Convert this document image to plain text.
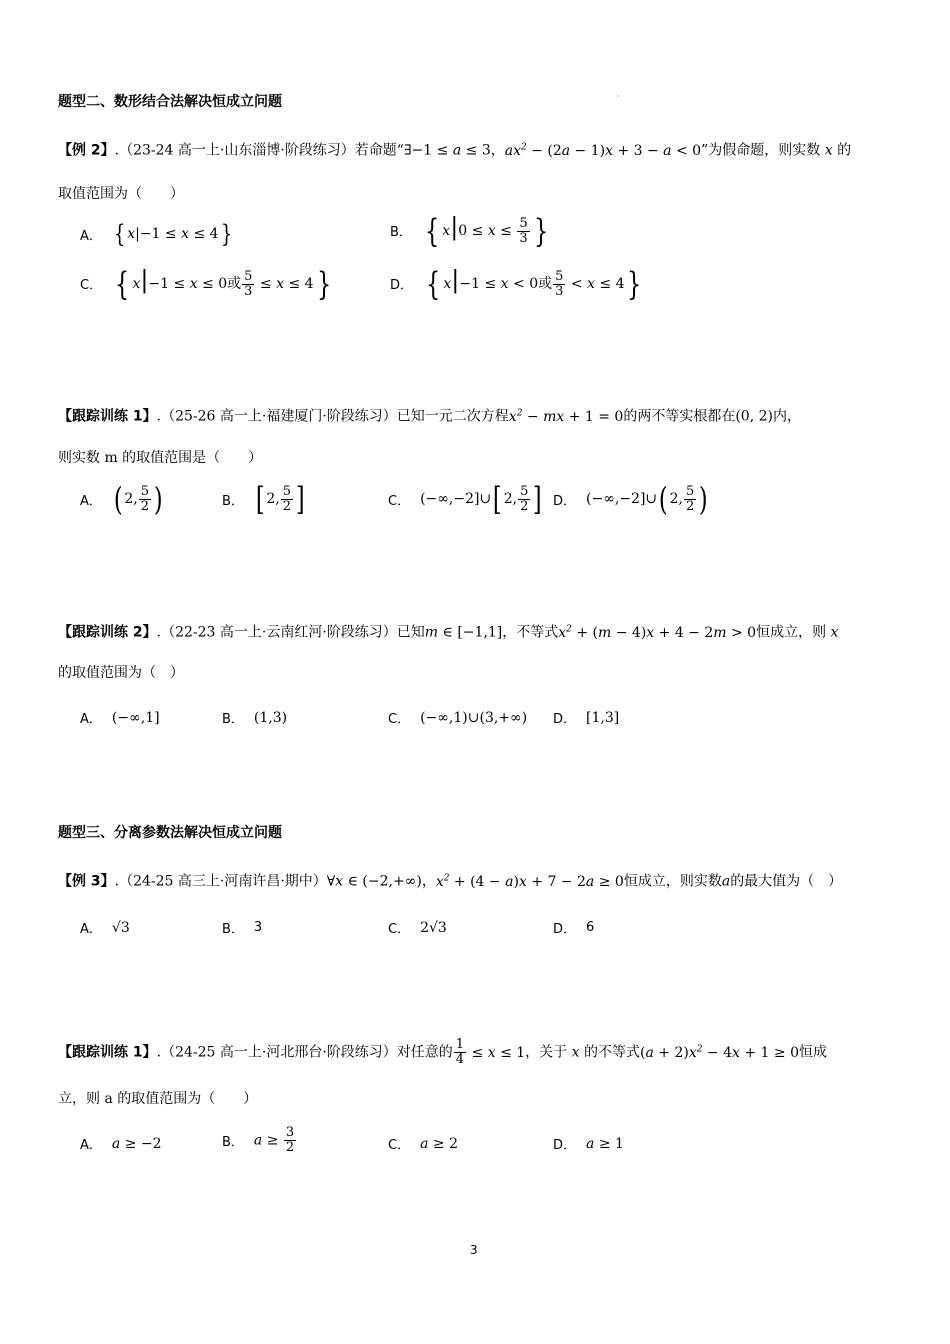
题型二、数形结合法解决恒成立问题	·
【例 2】.（23-24 高一上·山东淄博·阶段练习）若命题“∃−1 ≤ a ≤ 3，$ax^2 - (2a - 1)x + 3 - a < 0$”为假命题，则实数 x 的
取值范围为（　　）
A． { x|−1 ≤ x ≤ 4}	B． { $x|0 \le x \le \frac{5}{3}$ }
C． { x|−1 ≤ x ≤ 0或 $\frac{5}{3} \le x \le 4$}	D． { x|−1 ≤ x < 0或 $\frac{5}{3} < x \le 4$}
【跟踪训练 1】.（25-26 高一上·福建厦门·阶段练习）已知一元二次方程$x^2$ − mx + 1 = 0的两不等实根都在(0, 2)内，
则实数 m 的取值范围是（　　）
A． ( 2, $\frac{5}{2}$ )	B． [ 2, $\frac{5}{2}$ ]	C． (−∞,−2]∪[ 2, $\frac{5}{2}$ ] D． (−∞,−2]∪( 2, $\frac{5}{2}$ )
【跟踪训练 2】.（22-23 高一上·云南红河·阶段练习）已知m ∈ [−1,1]，不等式$x^2 + (m - 4)x + 4 - 2m > 0$恒成立，则 x
的取值范围为（　）
A． (−∞,1]	B． (1,3)	C． (−∞,1)∪(3,+∞) D． [1,3]
题型三、分离参数法解决恒成立问题
【例 3】.（24-25 高三上·河南许昌·期中）∀x ∈ (−2,+∞)，$x^2 + (4 - a)x + 7 - 2a \ge 0$恒成立，则实数a的最大值为（　）
A． √3	B． 3	C． 2√3	D． 6
【跟踪训练 1】.（24-25 高一上·河北邢台·阶段练习）对任意的 $\frac{1}{4} \le x \le 1$，关于 x 的不等式$(a + 2)x^2 - 4x + 1 \ge 0$恒成
立，则 a 的取值范围为（　　）
A． a ≥ −2	B． $a \ge \frac{3}{2}$	C． a ≥ 2	D． a ≥ 1
3
